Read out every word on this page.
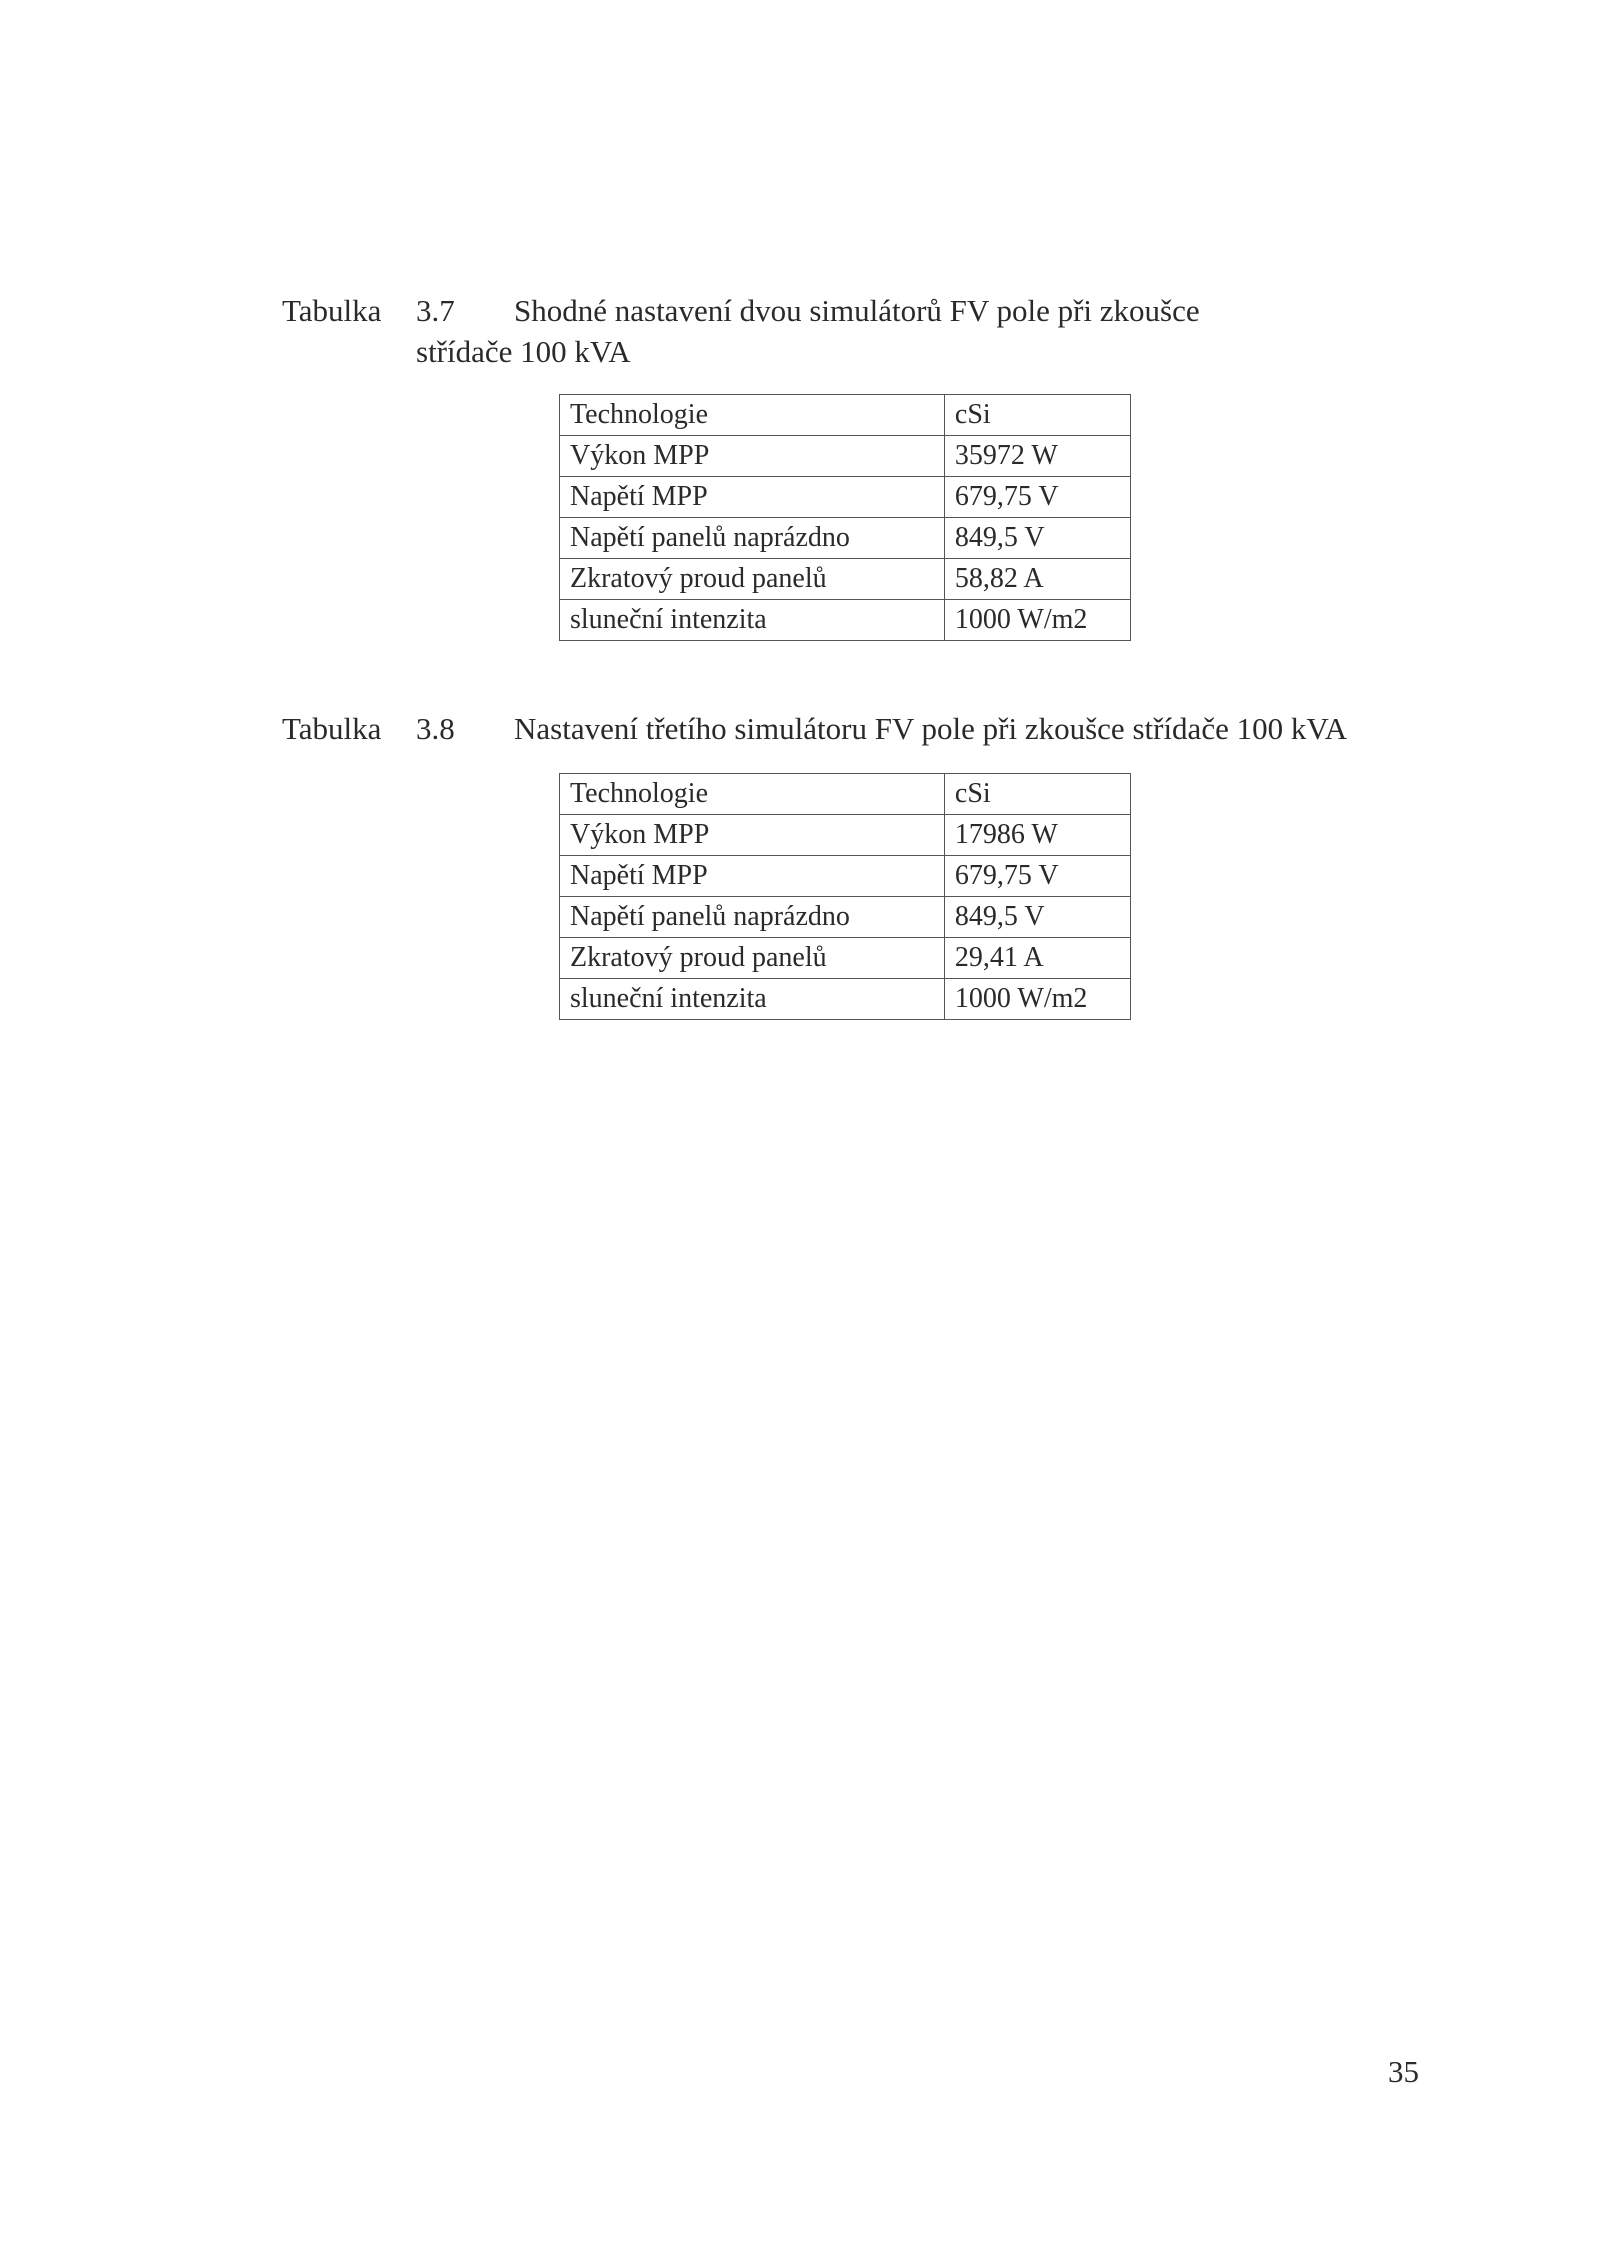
Tabulka 3.7 Shodné nastavení dvou simulátorů FV pole při zkoušce
střídače 100 kVA
Technologie	cSi
Výkon MPP	35972 W
Napětí MPP	679,75 V
Napětí panelů naprázdno	849,5 V
Zkratový proud panelů	58,82 A
sluneční intenzita	1000 W/m2
Tabulka 3.8 Nastavení třetího simulátoru FV pole při zkoušce střídače 100 kVA
Technologie	cSi
Výkon MPP	17986 W
Napětí MPP	679,75 V
Napětí panelů naprázdno	849,5 V
Zkratový proud panelů	29,41 A
sluneční intenzita	1000 W/m2
35
